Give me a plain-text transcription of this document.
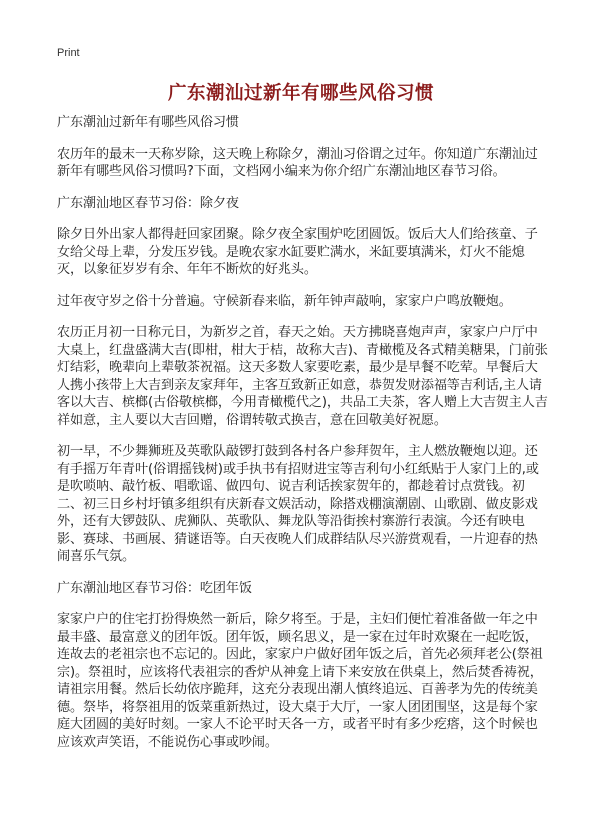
Print
广东潮汕过新年有哪些风俗习惯

广东潮汕过新年有哪些风俗习惯

农历年的最末一天称岁除，这天晚上称除夕，潮汕习俗谓之过年。你知道广东潮汕过新年有哪些风俗习惯吗?下面，文档网小编来为你介绍广东潮汕地区春节习俗。

广东潮汕地区春节习俗：除夕夜

除夕日外出家人都得赶回家团聚。除夕夜全家围炉吃团圆饭。饭后大人们给孩童、子女给父母上辈，分发压岁钱。是晚农家水缸要贮满水，米缸要填满米，灯火不能熄灭，以象征岁岁有余、年年不断炊的好兆头。

过年夜守岁之俗十分普遍。守候新春来临，新年钟声敲响，家家户户鸣放鞭炮。

农历正月初一日称元日，为新岁之首，春天之始。天方拂晓喜炮声声，家家户户厅中大桌上，红盘盛满大吉(即柑，柑大于桔，故称大吉)、青橄榄及各式精美糖果，门前张灯结彩，晚辈向上辈敬茶祝福。这天多数人家要吃素，最少是早餐不吃荤。早餐后大人携小孩带上大吉到亲友家拜年，主客互致新正如意，恭贺发财添福等吉利话,主人请客以大吉、槟榔(古俗敬槟榔，今用青橄榄代之)，共品工夫茶，客人赠上大吉贺主人吉祥如意，主人要以大吉回赠，俗谓转敬式换吉，意在回敬美好祝愿。

初一早，不少舞狮班及英歌队敲锣打鼓到各村各户参拜贺年，主人燃放鞭炮以迎。还有手摇万年青叶(俗谓摇钱树)或手执书有招财进宝等吉利句小红纸贴于人家门上的,或是吹唢呐、敲竹板、唱歌谣、做四句、说吉利话挨家贺年的，都趁着讨点赏钱。初二、初三日乡村圩镇多组织有庆新春文娱活动，除搭戏棚演潮剧、山歌剧、做皮影戏外，还有大锣鼓队、虎狮队、英歌队、舞龙队等沿街挨村寨游行表演。今还有映电影、赛球、书画展、猜谜语等。白天夜晚人们成群结队尽兴游赏观看，一片迎春的热闹喜乐气氛。

广东潮汕地区春节习俗：吃团年饭

家家户户的住宅打扮得焕然一新后，除夕将至。于是，主妇们便忙着准备做一年之中最丰盛、最富意义的团年饭。团年饭，顾名思义，是一家在过年时欢聚在一起吃饭，连故去的老祖宗也不忘记的。因此，家家户户做好团年饭之后，首先必须拜老公(祭祖宗)。祭祖时，应该将代表祖宗的香炉从神龛上请下来安放在供桌上，然后焚香祷祝，请祖宗用餐。然后长幼依序跪拜，这充分表现出潮人慎终追远、百善孝为先的传统美德。祭毕，将祭祖用的饭菜重新热过，设大桌于大厅，一家人团团围坚，这是每个家庭大团圆的美好时刻。一家人不论平时天各一方，或者平时有多少疙瘩，这个时候也应该欢声笑语，不能说伤心事或吵闹。
